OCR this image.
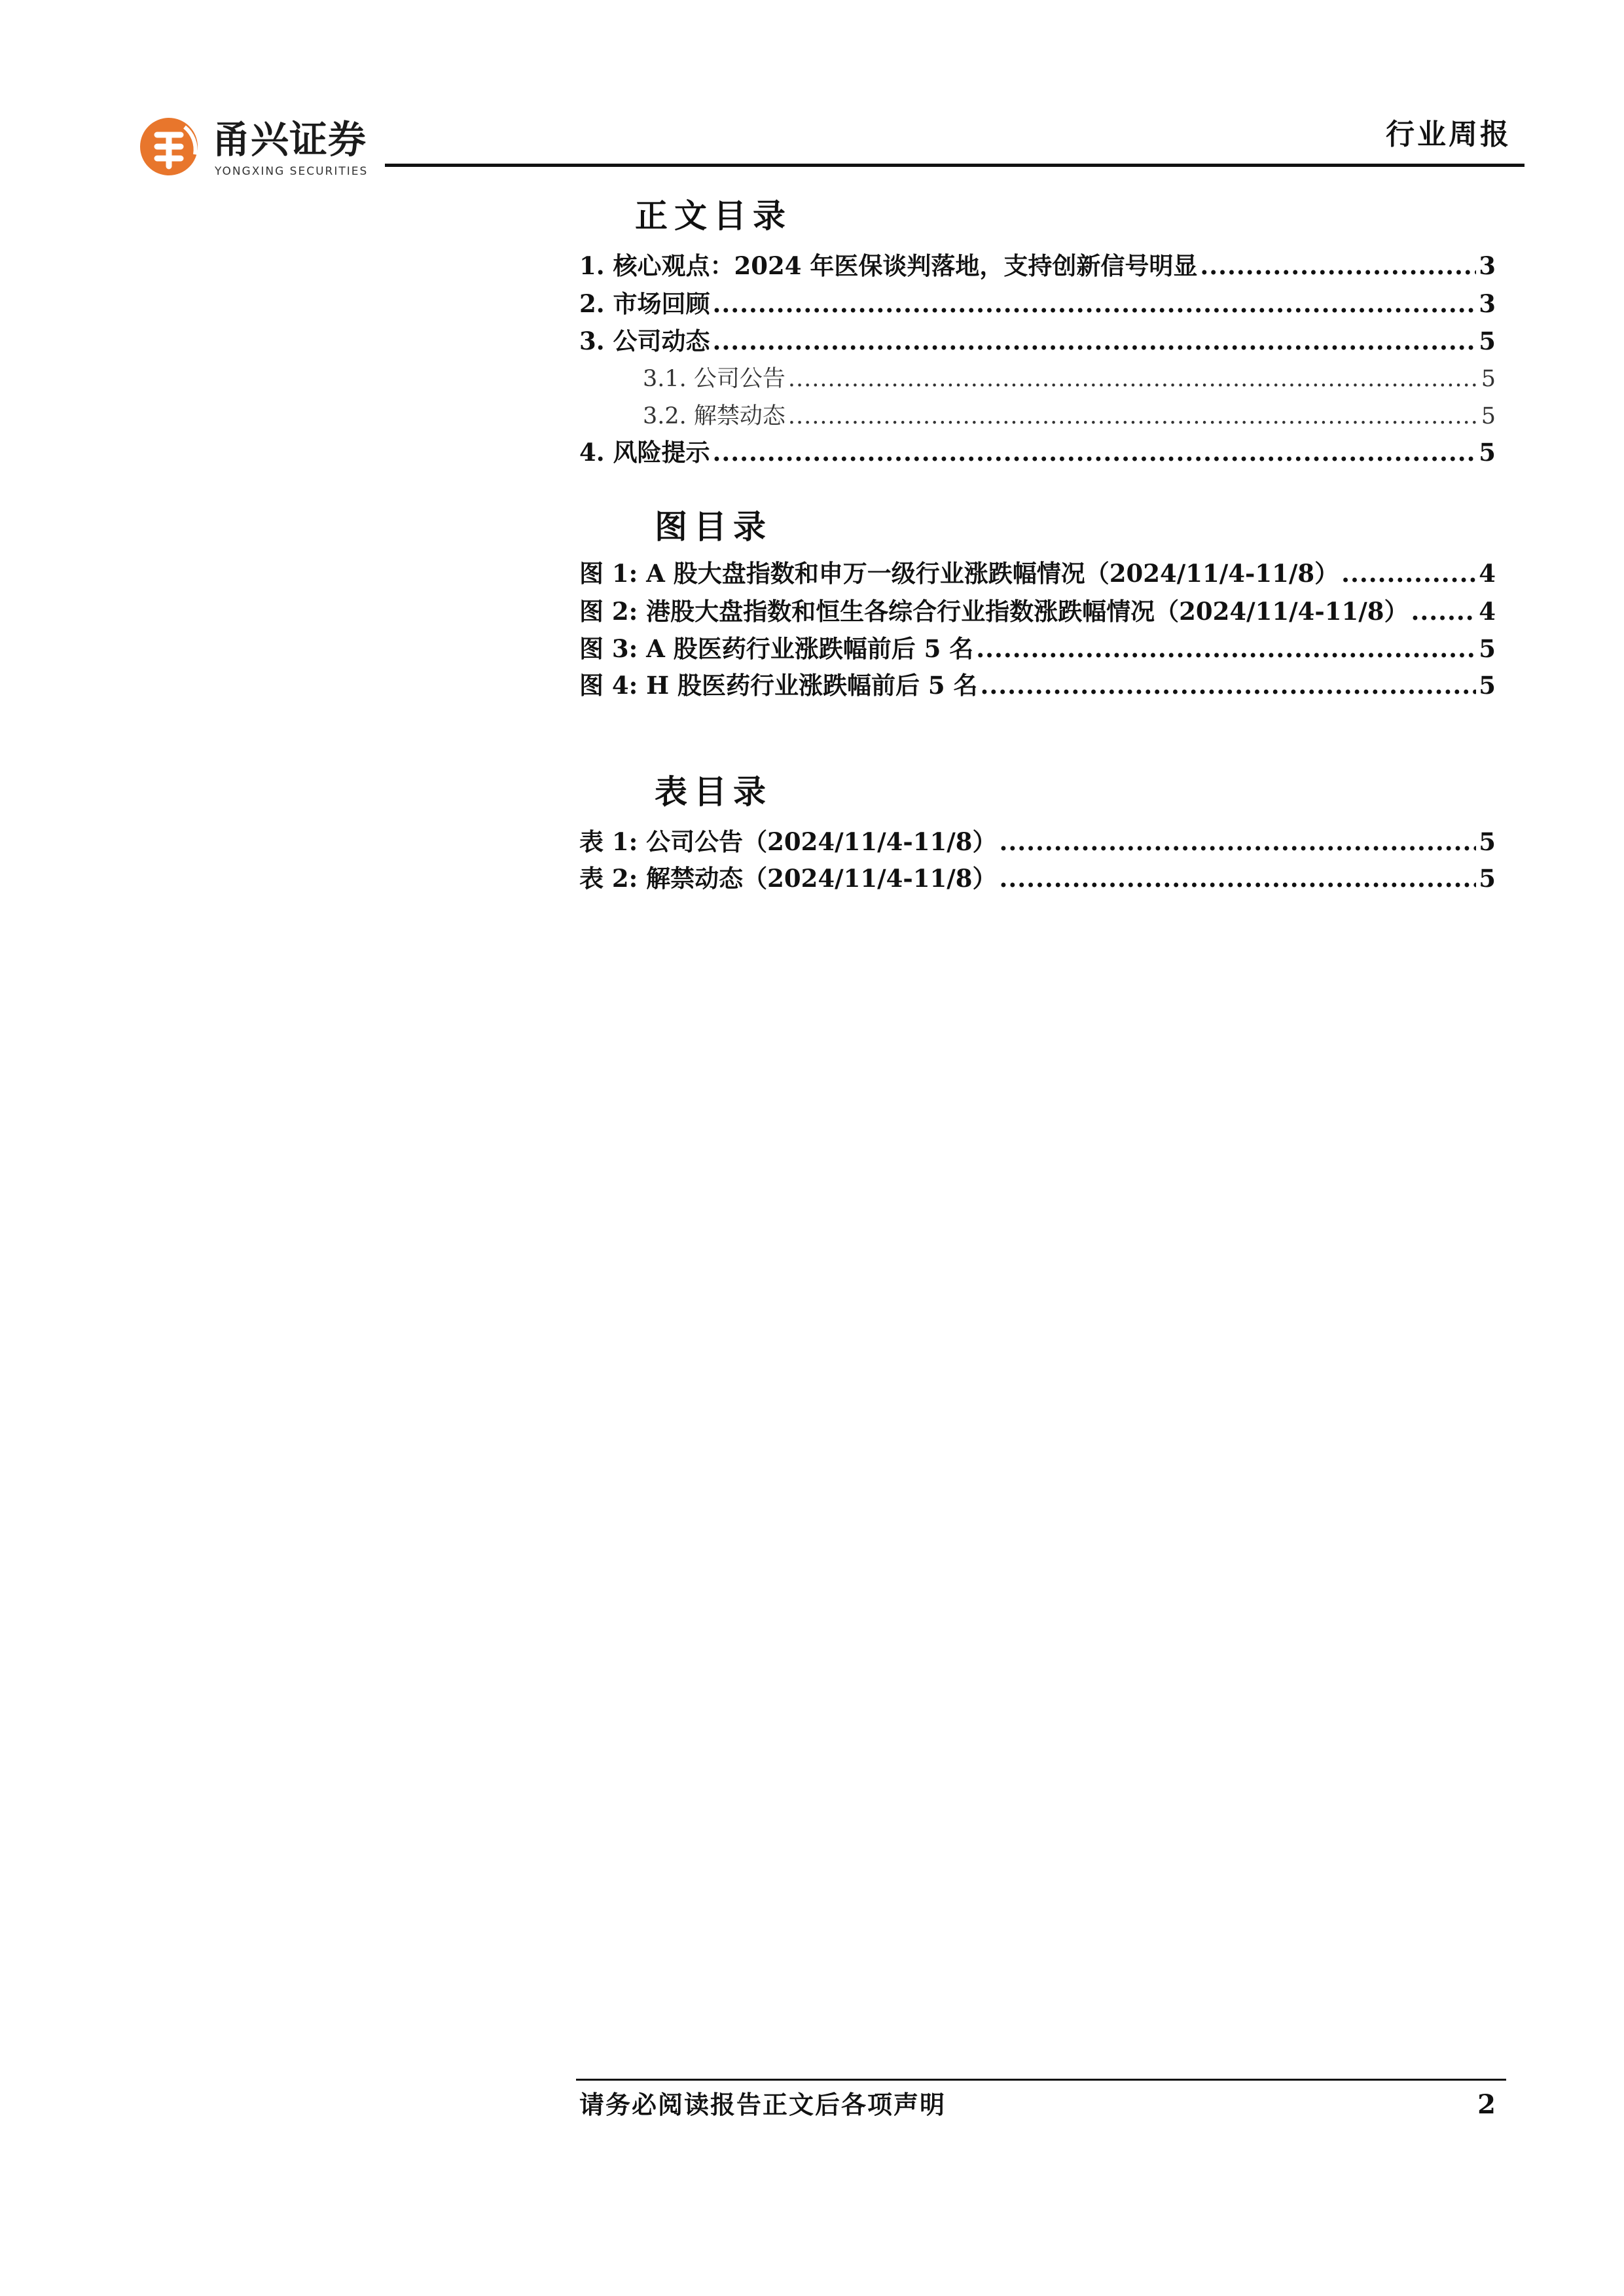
甬兴证券
YONGXING SECURITIES
行业周报
正文目录
1. 核心观点：2024 年医保谈判落地，支持创新信号明显 .....	3
2. 市场回顾 .....	3
3. 公司动态 .....	5
3.1. 公司公告 .....	5
3.2. 解禁动态 .....	5
4. 风险提示 .....	5
图目录
图 1: A 股大盘指数和申万一级行业涨跌幅情况（2024/11/4-11/8） .....	4
图 2: 港股大盘指数和恒生各综合行业指数涨跌幅情况（2024/11/4-11/8） .....	4
图 3: A 股医药行业涨跌幅前后 5 名 .....	5
图 4: H 股医药行业涨跌幅前后 5 名 .....	5
表目录
表 1: 公司公告（2024/11/4-11/8） .....	5
表 2: 解禁动态（2024/11/4-11/8） .....	5
请务必阅读报告正文后各项声明	2
